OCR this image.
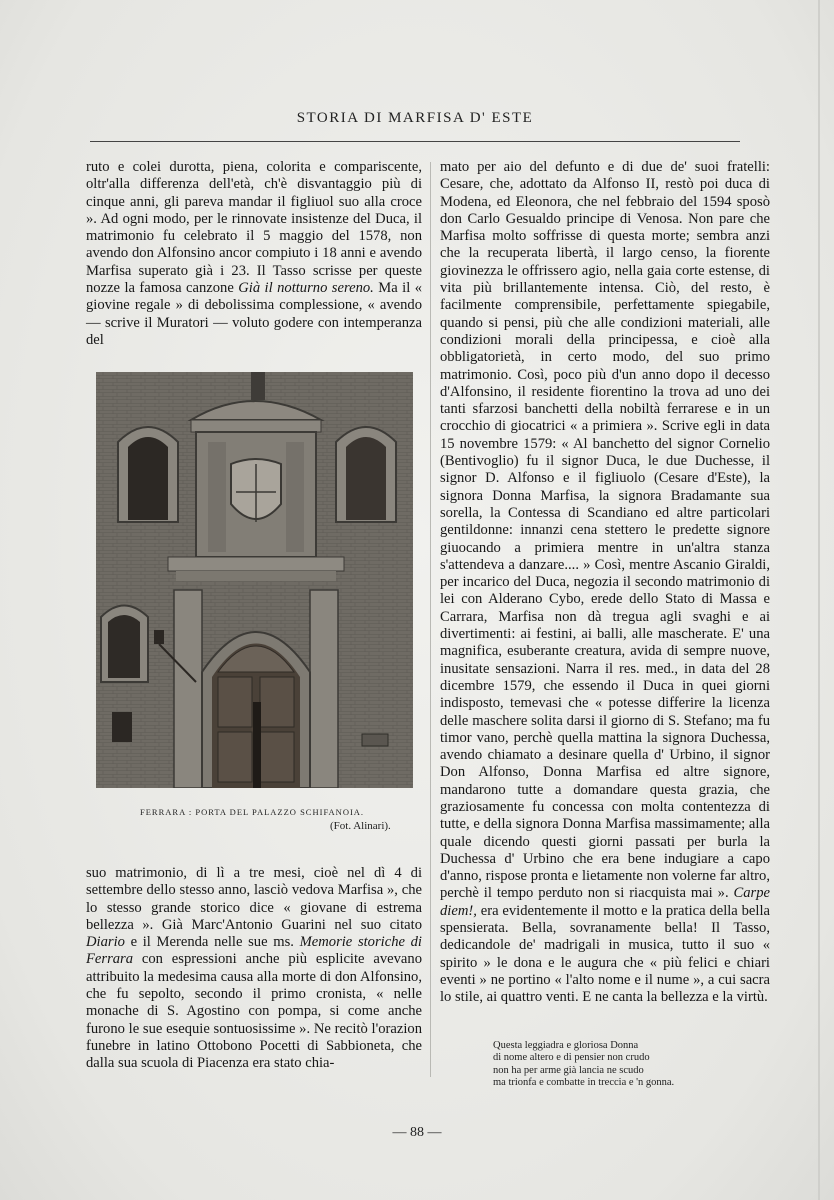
STORIA DI MARFISA D' ESTE

ruto e colei durotta, piena, colorita e compariscente, oltr'alla differenza dell'età, ch'è disvantaggio più di cinque anni, gli pareva mandar il figliuol suo alla croce ». Ad ogni modo, per le rinnovate insistenze del Duca, il matrimonio fu celebrato il 5 maggio del 1578, non avendo don Alfonsino ancor compiuto i 18 anni e avendo Marfisa superato già i 23. Il Tasso scrisse per queste nozze la famosa canzone Già il notturno sereno. Ma il « giovine regale » di debolissima complessione, « avendo — scrive il Muratori — voluto godere con intemperanza del

FERRARA : PORTA DEL PALAZZO SCHIFANOIA.
(Fot. Alinari).

suo matrimonio, di lì a tre mesi, cioè nel dì 4 di settembre dello stesso anno, lasciò vedova Marfisa », che lo stesso grande storico dice « giovane di estrema bellezza ». Già Marc'Antonio Guarini nel suo citato Diario e il Merenda nelle sue ms. Memorie storiche di Ferrara con espressioni anche più esplicite avevano attribuito la medesima causa alla morte di don Alfonsino, che fu sepolto, secondo il primo cronista, « nelle monache di S. Agostino con pompa, si come anche furono le sue esequie sontuosissime ». Ne recitò l'orazion funebre in latino Ottobono Pocetti di Sabbioneta, che dalla sua scuola di Piacenza era stato chia-

mato per aio del defunto e di due de' suoi fratelli: Cesare, che, adottato da Alfonso II, restò poi duca di Modena, ed Eleonora, che nel febbraio del 1594 sposò don Carlo Gesualdo principe di Venosa. Non pare che Marfisa molto soffrisse di questa morte; sembra anzi che la recuperata libertà, il largo censo, la fiorente giovinezza le offrissero agio, nella gaia corte estense, di vita più brillantemente intensa. Ciò, del resto, è facilmente comprensibile, perfettamente spiegabile, quando si pensi, più che alle condizioni materiali, alle condizioni morali della principessa, e cioè alla obbligatorietà, in certo modo, del suo primo matrimonio. Così, poco più d'un anno dopo il decesso d'Alfonsino, il residente fiorentino la trova ad uno dei tanti sfarzosi banchetti della nobiltà ferrarese e in un crocchio di giocatrici « a primiera ». Scrive egli in data 15 novembre 1579: « Al banchetto del signor Cornelio (Bentivoglio) fu il signor Duca, le due Duchesse, il signor D. Alfonso e il figliuolo (Cesare d'Este), la signora Donna Marfisa, la signora Bradamante sua sorella, la Contessa di Scandiano ed altre particolari gentildonne: innanzi cena stettero le predette signore giuocando a primiera mentre in un'altra stanza s'attendeva a danzare.... » Così, mentre Ascanio Giraldi, per incarico del Duca, negozia il secondo matrimonio di lei con Alderano Cybo, erede dello Stato di Massa e Carrara, Marfisa non dà tregua agli svaghi e ai divertimenti: ai festini, ai balli, alle mascherate. E' una magnifica, esuberante creatura, avida di sempre nuove, inusitate sensazioni. Narra il res. med., in data del 28 dicembre 1579, che essendo il Duca in quei giorni indisposto, temevasi che « potesse differire la licenza delle maschere solita darsi il giorno di S. Stefano; ma fu timor vano, perchè quella mattina la signora Duchessa, avendo chiamato a desinare quella d' Urbino, il signor Don Alfonso, Donna Marfisa ed altre signore, mandarono tutte a domandare questa grazia, che graziosamente fu concessa con molta contentezza di tutte, e della signora Donna Marfisa massimamente; alla quale dicendo questi giorni passati per burla la Duchessa d' Urbino che era bene indugiare a capo d'anno, rispose pronta e lietamente non volerne far altro, perchè il tempo perduto non si riacquista mai ». Carpe diem!, era evidentemente il motto e la pratica della bella spensierata. Bella, sovranamente bella! Il Tasso, dedicandole de' madrigali in musica, tutto il suo « spirito » le dona e le augura che « più felici e chiari eventi » ne portino « l'alto nome e il nume », a cui sacra lo stile, ai quattro venti. E ne canta la bellezza e la virtù.

Questa leggiadra e gloriosa Donna
di nome altero e di pensier non crudo
non ha per arme già lancia ne scudo
ma trionfa e combatte in treccia e 'n gonna.
— 88 —
